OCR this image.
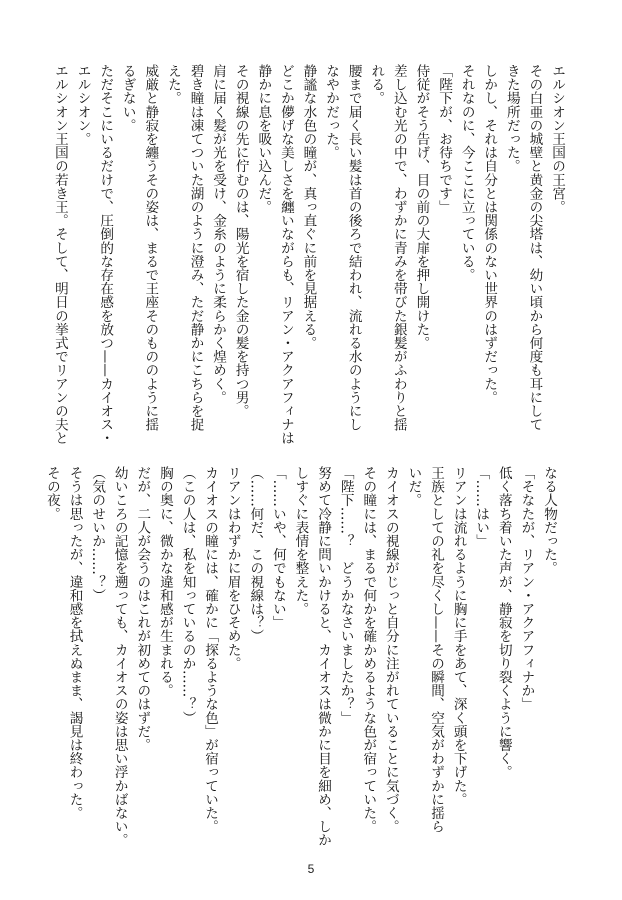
エルシオン王国の王宮。
その白亜の城壁と黄金の尖塔は、幼い頃から何度も耳にして
きた場所だった。
しかし、それは自分とは関係のない世界のはずだった。
それなのに、今ここに立っている。
「陛下が、お待ちです」
侍従がそう告げ、目の前の大扉を押し開けた。
差し込む光の中で、わずかに青みを帯びた銀髪がふわりと揺
れる。
腰まで届く長い髪は首の後ろで結われ、流れる水のようにし
なやかだった。
静謐な水色の瞳が、真っ直ぐに前を見据える。
どこか儚げな美しさを纏いながらも、リアン・アクアフィナは
静かに息を吸い込んだ。
その視線の先に佇むのは、陽光を宿した金の髪を持つ男。
肩に届く髪が光を受け、金糸のように柔らかく煌めく。
碧き瞳は凍てついた湖のように澄み、ただ静かにこちらを捉
えた。
威厳と静寂を纏うその姿は、まるで王座そのもののように揺
るぎない。
ただそこにいるだけで、圧倒的な存在感を放つ——カイオス・
エルシオン。
エルシオン王国の若き王。そして、明日の挙式でリアンの夫と
なる人物だった。
「そなたが、リアン・アクアフィナか」
低く落ち着いた声が、静寂を切り裂くように響く。
「……はい」
リアンは流れるように胸に手をあて、深く頭を下げた。
王族としての礼を尽くし——その瞬間、空気がわずかに揺ら
いだ。
カイオスの視線がじっと自分に注がれていることに気づく。
その瞳には、まるで何かを確かめるような色が宿っていた。
「陛下……？　どうかなさいましたか？」
努めて冷静に問いかけると、カイオスは微かに目を細め、しか
しすぐに表情を整えた。
「……いや、何でもない」
（……何だ、この視線は？）
リアンはわずかに眉をひそめた。
カイオスの瞳には、確かに「探るような色」が宿っていた。
（この人は、私を知っているのか……？）
胸の奥に、微かな違和感が生まれる。
だが、二人が会うのはこれが初めてのはずだ。
幼いころの記憶を遡っても、カイオスの姿は思い浮かばない。
（気のせいか……？）
そうは思ったが、違和感を拭えぬまま、謁見は終わった。
その夜。
5
